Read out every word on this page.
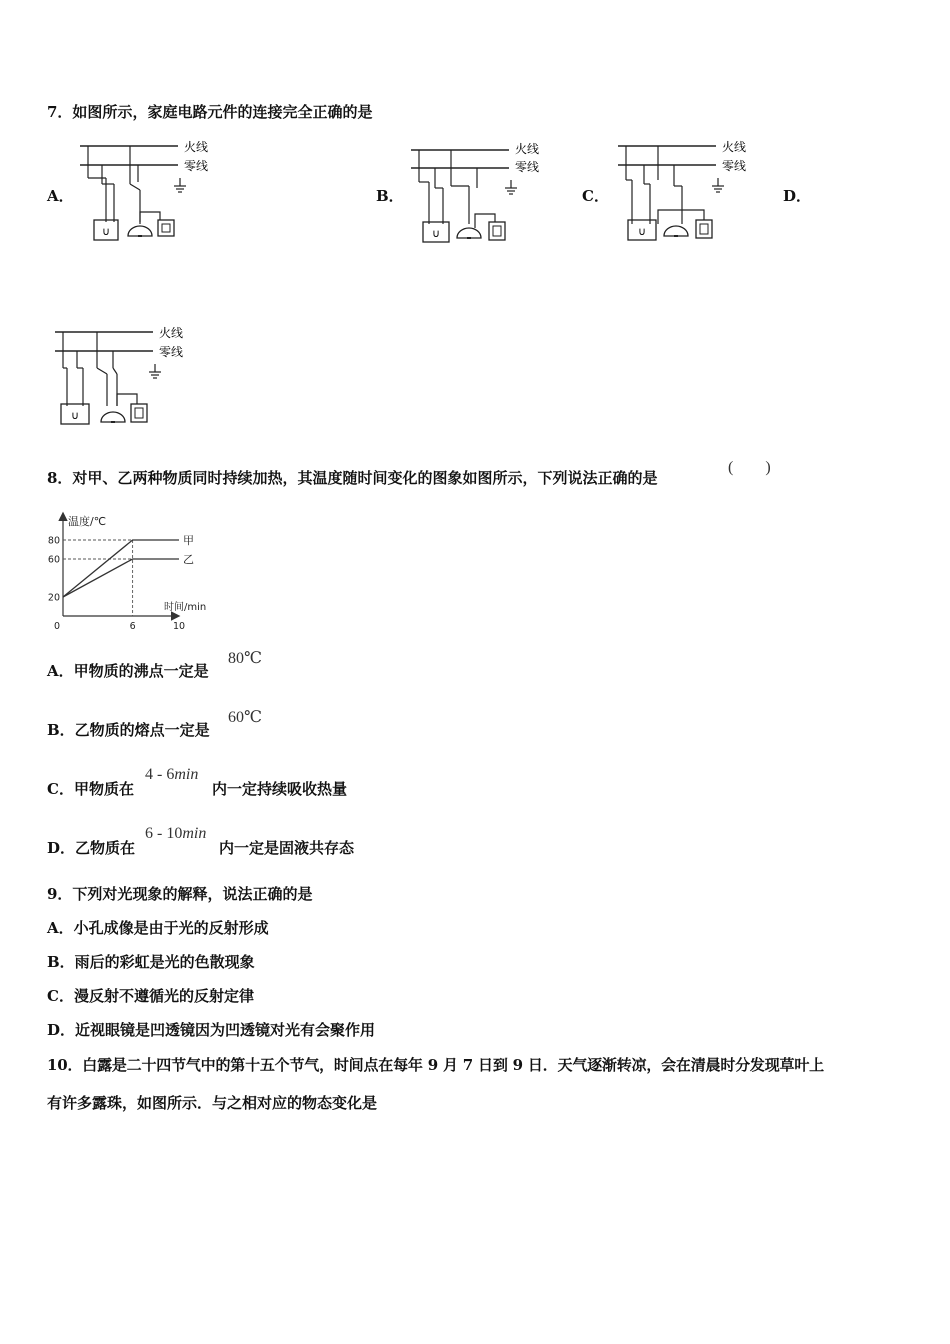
7．如图所示，家庭电路元件的连接完全正确的是
A．	B．	C．	D．
火线
零线
∪
火线
零线
∪
火线
零线
∪
火线
零线
∪
8．对甲、乙两种物质同时持续加热，其温度随时间变化的图象如图所示，下列说法正确的是
(　　)
温度/℃
时间/min
甲
乙
20
60
80
6	10
0
A．甲物质的沸点一定是
80℃
B．乙物质的熔点一定是
60℃
C．甲物质在
4 - 6min
内一定持续吸收热量
D．乙物质在
6 - 10min
内一定是固液共存态
9．下列对光现象的解释，说法正确的是
A．小孔成像是由于光的反射形成
B．雨后的彩虹是光的色散现象
C．漫反射不遵循光的反射定律
D．近视眼镜是凹透镜因为凹透镜对光有会聚作用
10．白露是二十四节气中的第十五个节气，时间点在每年 9 月 7 日到 9 日．天气逐渐转凉，会在清晨时分发现草叶上
有许多露珠，如图所示．与之相对应的物态变化是
